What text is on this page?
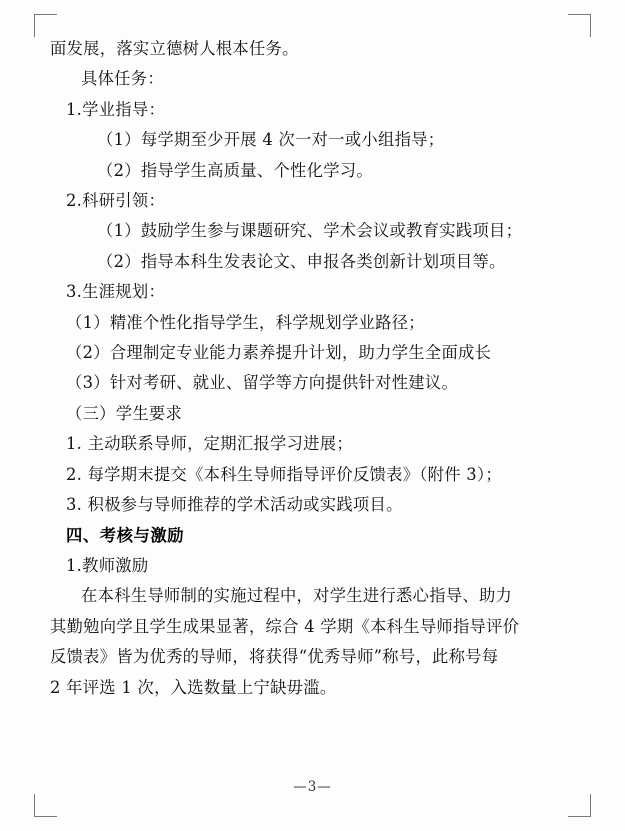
面发展，落实立德树人根本任务。
具体任务：
1.学业指导：
（1）每学期至少开展 4 次一对一或小组指导；
（2）指导学生高质量、个性化学习。
2.科研引领：
（1）鼓励学生参与课题研究、学术会议或教育实践项目；
（2）指导本科生发表论文、申报各类创新计划项目等。
3.生涯规划：
（1）精准个性化指导学生，科学规划学业路径；
（2）合理制定专业能力素养提升计划，助力学生全面成长
（3）针对考研、就业、留学等方向提供针对性建议。
（三）学生要求
1. 主动联系导师，定期汇报学习进展；
2. 每学期末提交《本科生导师指导评价反馈表》（附件 3）；
3. 积极参与导师推荐的学术活动或实践项目。
四、考核与激励
1.教师激励
在本科生导师制的实施过程中，对学生进行悉心指导、助力
其勤勉向学且学生成果显著，综合 4 学期《本科生导师指导评价
反馈表》皆为优秀的导师，将获得“优秀导师”称号，此称号每
2 年评选 1 次，入选数量上宁缺毋滥。
—3—
